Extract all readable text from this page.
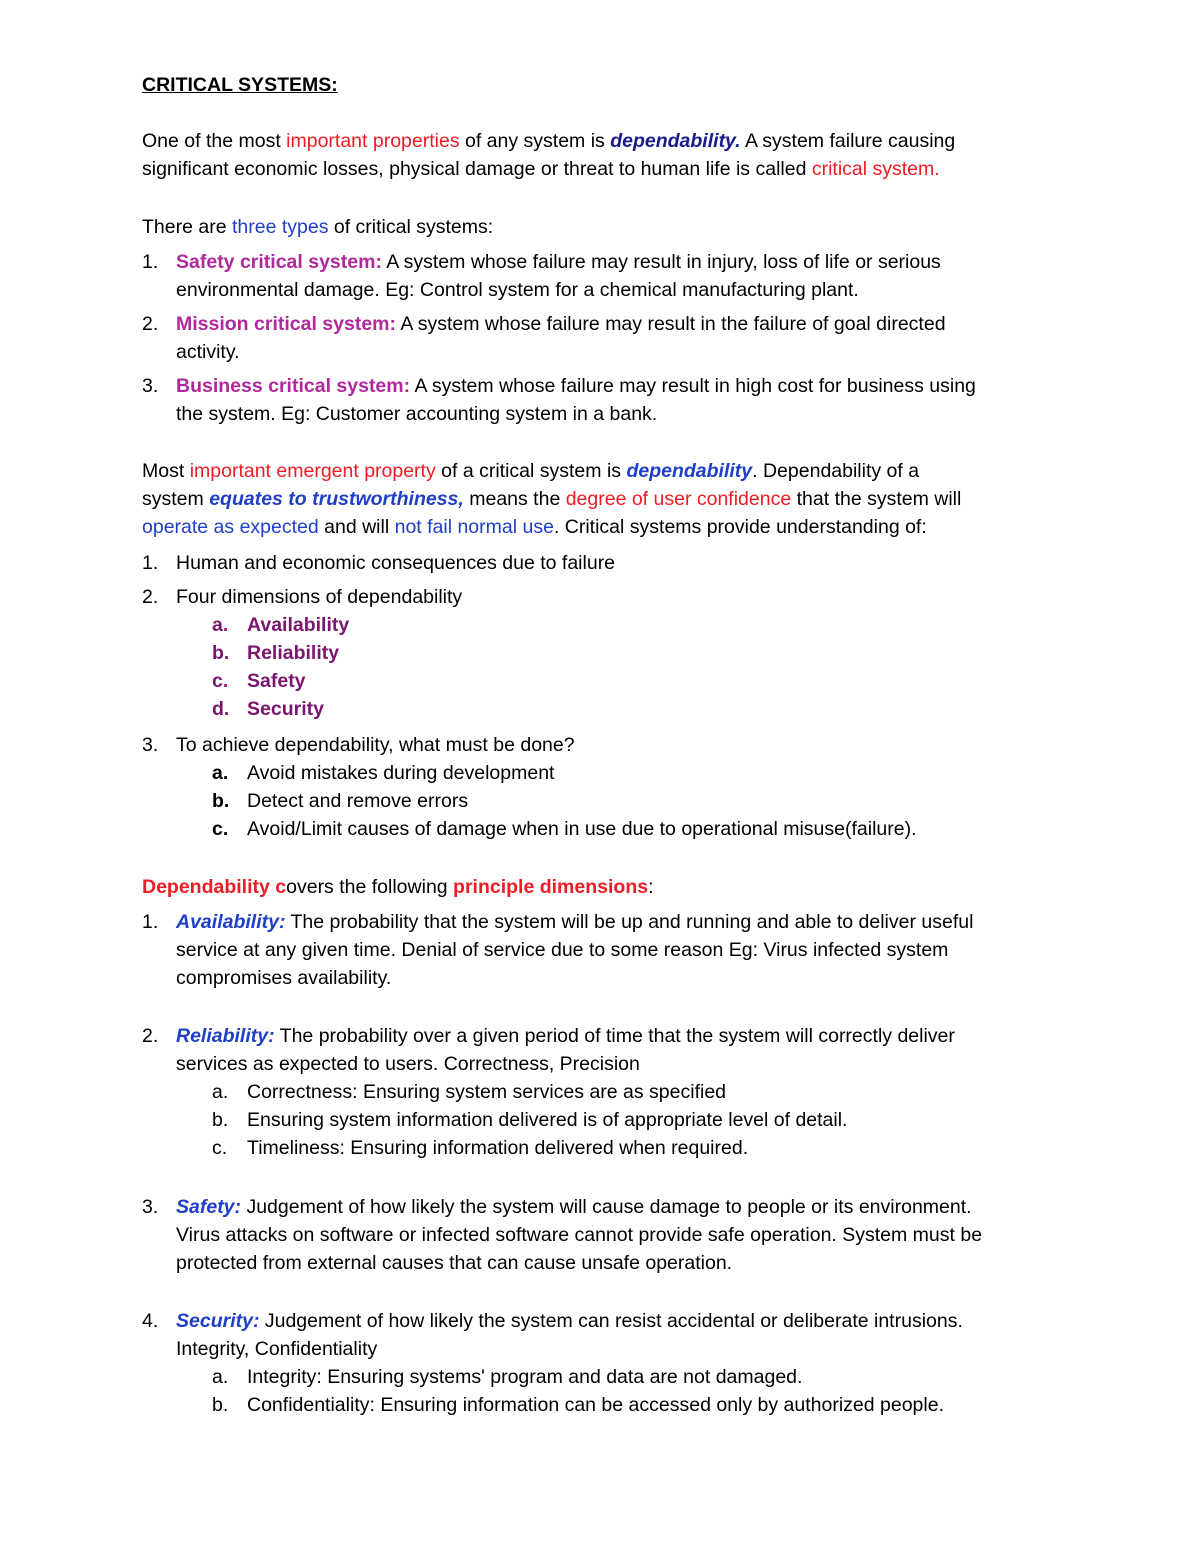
CRITICAL SYSTEMS:

One of the most important properties of any system is dependability. A system failure causing

significant economic losses, physical damage or threat to human life is called critical system.

There are three types of critical systems:

1. Safety critical system: A system whose failure may result in injury, loss of life or serious

environmental damage. Eg: Control system for a chemical manufacturing plant.

2. Mission critical system: A system whose failure may result in the failure of goal directed

activity.

3. Business critical system: A system whose failure may result in high cost for business using

the system. Eg: Customer accounting system in a bank.

Most important emergent property of a critical system is dependability. Dependability of a

system equates to trustworthiness, means the degree of user confidence that the system will

operate as expected and will not fail normal use. Critical systems provide understanding of:

1. Human and economic consequences due to failure

2. Four dimensions of dependability

a. Availability

b. Reliability

c. Safety

d. Security

3. To achieve dependability, what must be done?

a. Avoid mistakes during development

b. Detect and remove errors

c. Avoid/Limit causes of damage when in use due to operational misuse(failure).

Dependability covers the following principle dimensions:

1. Availability: The probability that the system will be up and running and able to deliver useful

service at any given time. Denial of service due to some reason Eg: Virus infected system

compromises availability.

2. Reliability: The probability over a given period of time that the system will correctly deliver

services as expected to users. Correctness, Precision

a. Correctness: Ensuring system services are as specified

b. Ensuring system information delivered is of appropriate level of detail.

c. Timeliness: Ensuring information delivered when required.

3. Safety: Judgement of how likely the system will cause damage to people or its environment.

Virus attacks on software or infected software cannot provide safe operation. System must be

protected from external causes that can cause unsafe operation.

4. Security: Judgement of how likely the system can resist accidental or deliberate intrusions.

Integrity, Confidentiality

a. Integrity: Ensuring systems' program and data are not damaged.

b. Confidentiality: Ensuring information can be accessed only by authorized people.
